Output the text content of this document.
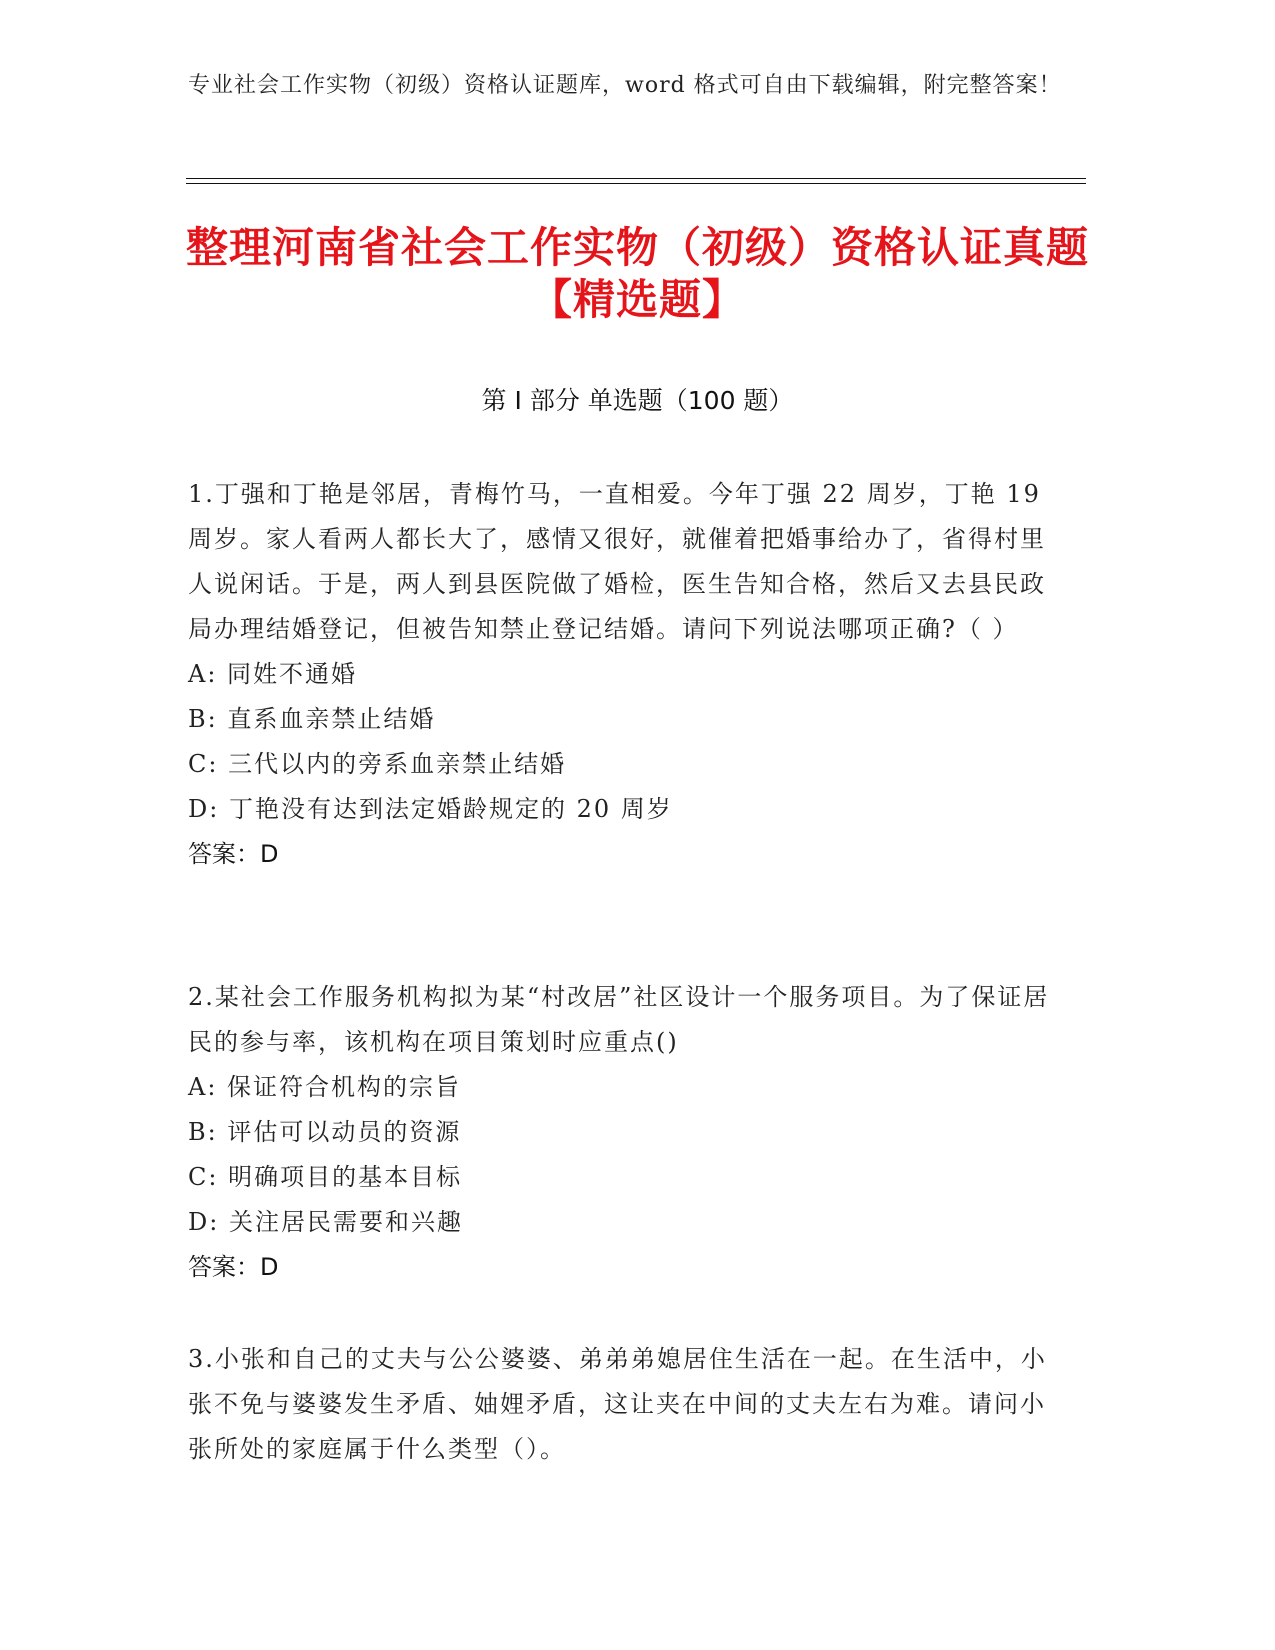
专业社会工作实物（初级）资格认证题库，word 格式可自由下载编辑，附完整答案！
整理河南省社会工作实物（初级）资格认证真题【精选题】
第 I 部分 单选题（100 题）
1.丁强和丁艳是邻居，青梅竹马，一直相爱。今年丁强 22 周岁，丁艳 19 周岁。家人看两人都长大了，感情又很好，就催着把婚事给办了，省得村里人说闲话。于是，两人到县医院做了婚检，医生告知合格，然后又去县民政局办理结婚登记，但被告知禁止登记结婚。请问下列说法哪项正确?（ ）
A: 同姓不通婚
B: 直系血亲禁止结婚
C: 三代以内的旁系血亲禁止结婚
D: 丁艳没有达到法定婚龄规定的 20 周岁
答案：D
2.某社会工作服务机构拟为某“村改居”社区设计一个服务项目。为了保证居民的参与率，该机构在项目策划时应重点()
A: 保证符合机构的宗旨
B: 评估可以动员的资源
C: 明确项目的基本目标
D: 关注居民需要和兴趣
答案：D
3.小张和自己的丈夫与公公婆婆、弟弟弟媳居住生活在一起。在生活中，小张不免与婆婆发生矛盾、妯娌矛盾，这让夹在中间的丈夫左右为难。请问小张所处的家庭属于什么类型（）。
